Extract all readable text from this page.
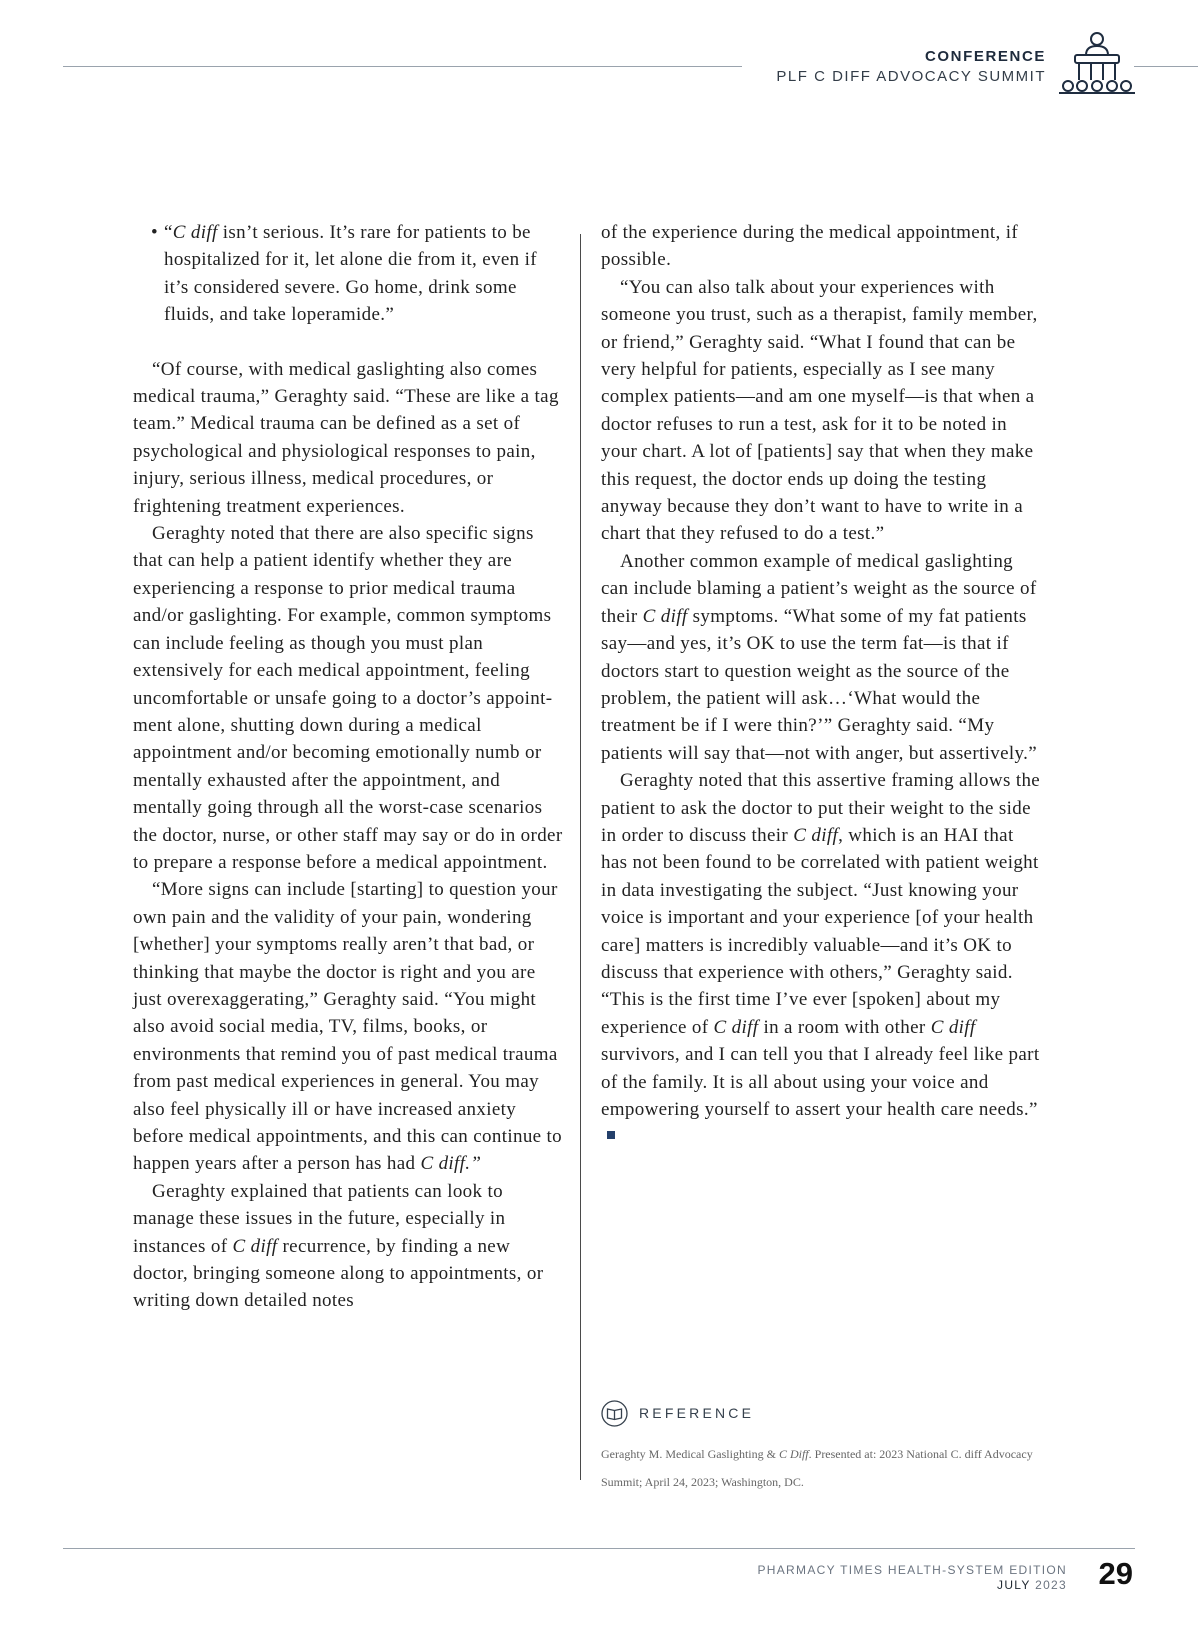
CONFERENCE
PLF C DIFF ADVOCACY SUMMIT

• “C diff isn’t serious. It’s rare for patients to be hospitalized for it, let alone die from it, even if it’s considered severe. Go home, drink some fluids, and take loperamide.”

“Of course, with medical gaslighting also comes medical trauma,” Geraghty said. “These are like a tag team.” Medical trauma can be defined as a set of psychological and physiological responses to pain, injury, serious illness, medical procedures, or frightening treatment experiences.

Geraghty noted that there are also specific signs that can help a patient identify whether they are experiencing a response to prior medical trauma and/or gaslighting. For example, common symptoms can include feeling as though you must plan extensively for each medical appointment, feeling uncomfortable or unsafe going to a doctor’s appointment alone, shutting down during a medical appointment and/or becoming emotionally numb or mentally exhausted after the appointment, and mentally going through all the worst-case scenarios the doctor, nurse, or other staff may say or do in order to prepare a response before a medical appointment.

“More signs can include [starting] to question your own pain and the validity of your pain, wondering [whether] your symptoms really aren’t that bad, or thinking that maybe the doctor is right and you are just overexaggerating,” Geraghty said. “You might also avoid social media, TV, films, books, or environments that remind you of past medical trauma from past medical experiences in general. You may also feel physically ill or have increased anxiety before medical appointments, and this can continue to happen years after a person has had C diff.”

Geraghty explained that patients can look to manage these issues in the future, especially in instances of C diff recurrence, by finding a new doctor, bringing someone along to appointments, or writing down detailed notes

of the experience during the medical appointment, if possible.

“You can also talk about your experiences with someone you trust, such as a therapist, family member, or friend,” Geraghty said. “What I found that can be very helpful for patients, especially as I see many complex patients—and am one myself—is that when a doctor refuses to run a test, ask for it to be noted in your chart. A lot of [patients] say that when they make this request, the doctor ends up doing the testing anyway because they don’t want to have to write in a chart that they refused to do a test.”

Another common example of medical gaslighting can include blaming a patient’s weight as the source of their C diff symptoms. “What some of my fat patients say—and yes, it’s OK to use the term fat—is that if doctors start to question weight as the source of the problem, the patient will ask…‘What would the treatment be if I were thin?’” Geraghty said. “My patients will say that—not with anger, but assertively.”

Geraghty noted that this assertive framing allows the patient to ask the doctor to put their weight to the side in order to discuss their C diff, which is an HAI that has not been found to be correlated with patient weight in data investigating the subject. “Just knowing your voice is important and your experience [of your health care] matters is incredibly valuable—and it’s OK to discuss that experience with others,” Geraghty said. “This is the first time I’ve ever [spoken] about my experience of C diff in a room with other C diff survivors, and I can tell you that I already feel like part of the family. It is all about using your voice and empowering yourself to assert your health care needs.”

REFERENCE
Geraghty M. Medical Gaslighting & C Diff. Presented at: 2023 National C. diff Advocacy Summit; April 24, 2023; Washington, DC.
PHARMACY TIMES HEALTH-SYSTEM EDITION
JULY 2023 29
